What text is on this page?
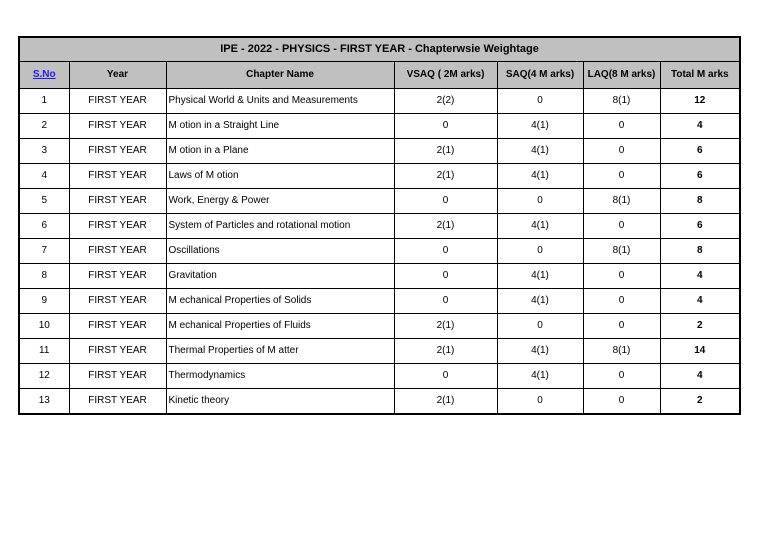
IPE - 2022 - PHYSICS - FIRST YEAR - Chapterwsie Weightage						
S.No	Year	Chapter Name	VSAQ ( 2M arks)	SAQ(4 M arks)	LAQ(8 M arks)	Total M arks
1	FIRST YEAR	Physical World & Units and Measurements	2(2)	0	8(1)	12
2	FIRST YEAR	M otion in a Straight Line	0	4(1)	0	4
3	FIRST YEAR	M otion in a Plane	2(1)	4(1)	0	6
4	FIRST YEAR	Laws of M otion	2(1)	4(1)	0	6
5	FIRST YEAR	Work, Energy & Power	0	0	8(1)	8
6	FIRST YEAR	System of Particles and rotational motion	2(1)	4(1)	0	6
7	FIRST YEAR	Oscillations	0	0	8(1)	8
8	FIRST YEAR	Gravitation	0	4(1)	0	4
9	FIRST YEAR	M echanical Properties of Solids	0	4(1)	0	4
10	FIRST YEAR	M echanical Properties of Fluids	2(1)	0	0	2
11	FIRST YEAR	Thermal Properties of M atter	2(1)	4(1)	8(1)	14
12	FIRST YEAR	Thermodynamics	0	4(1)	0	4
13	FIRST YEAR	Kinetic theory	2(1)	0	0	2
